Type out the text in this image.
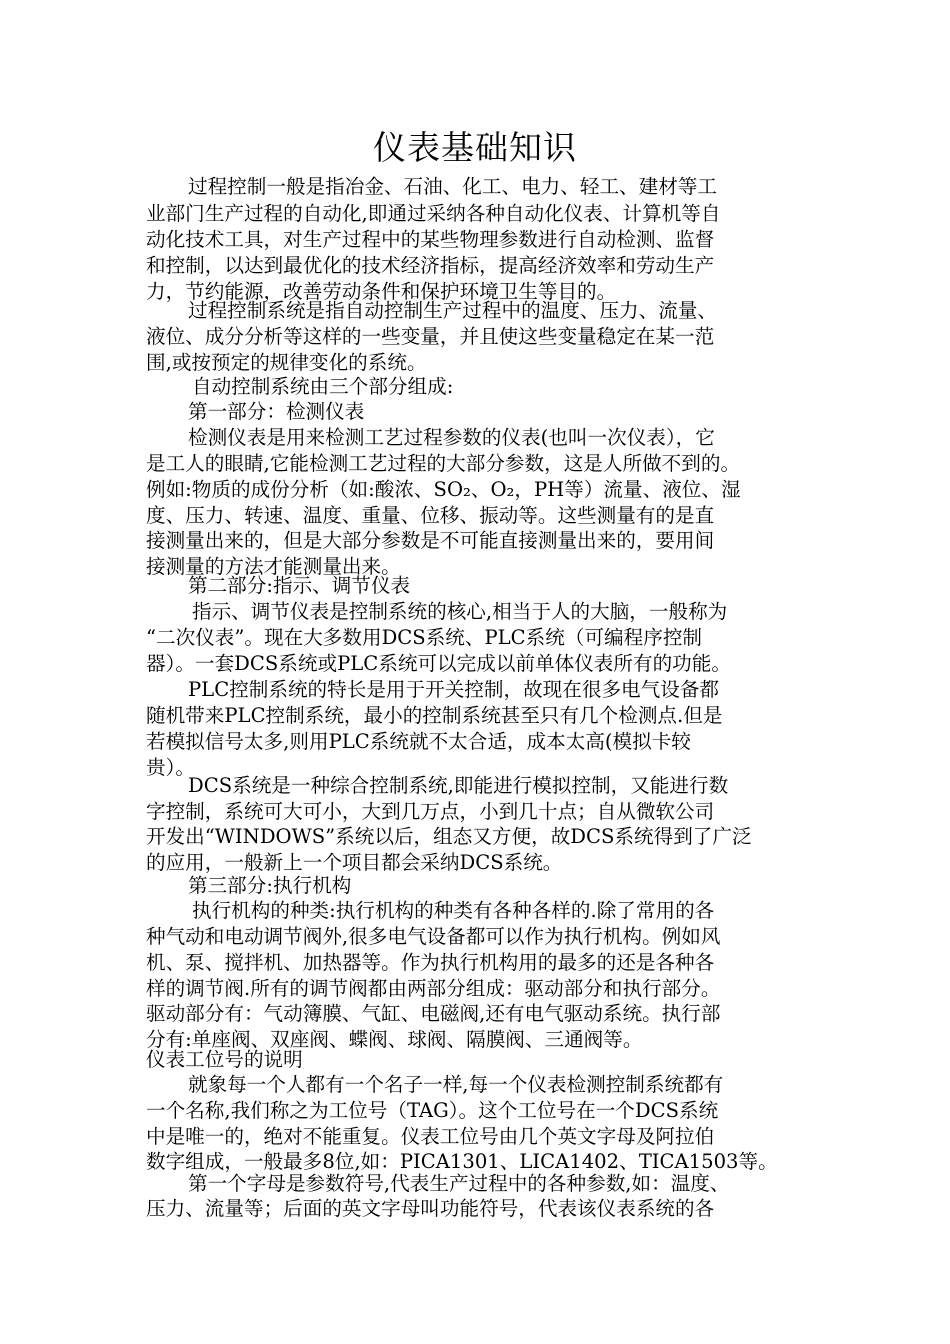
仪表基础知识
过程控制一般是指冶金、石油、化工、电力、轻工、建材等工
业部门生产过程的自动化,即通过采纳各种自动化仪表、计算机等自
动化技术工具，对生产过程中的某些物理参数进行自动检测、监督
和控制，以达到最优化的技术经济指标，提高经济效率和劳动生产
力，节约能源，改善劳动条件和保护环境卫生等目的。
过程控制系统是指自动控制生产过程中的温度、压力、流量、
液位、成分分析等这样的一些变量，并且使这些变量稳定在某一范
围,或按预定的规律变化的系统。
自动控制系统由三个部分组成:
第一部分：检测仪表
检测仪表是用来检测工艺过程参数的仪表(也叫一次仪表），它
是工人的眼睛,它能检测工艺过程的大部分参数，这是人所做不到的。
例如:物质的成份分析（如:酸浓、SO₂、O₂，PH等）流量、液位、湿
度、压力、转速、温度、重量、位移、振动等。这些测量有的是直
接测量出来的，但是大部分参数是不可能直接测量出来的，要用间
接测量的方法才能测量出来。
第二部分:指示、调节仪表
指示、调节仪表是控制系统的核心,相当于人的大脑，一般称为
“二次仪表”。现在大多数用DCS系统、PLC系统（可编程序控制
器）。一套DCS系统或PLC系统可以完成以前单体仪表所有的功能。
PLC控制系统的特长是用于开关控制，故现在很多电气设备都
随机带来PLC控制系统，最小的控制系统甚至只有几个检测点.但是
若模拟信号太多,则用PLC系统就不太合适，成本太高(模拟卡较
贵）。
DCS系统是一种综合控制系统,即能进行模拟控制，又能进行数
字控制，系统可大可小，大到几万点，小到几十点；自从微软公司
开发出“WINDOWS”系统以后，组态又方便，故DCS系统得到了广泛
的应用，一般新上一个项目都会采纳DCS系统。
第三部分:执行机构
执行机构的种类:执行机构的种类有各种各样的.除了常用的各
种气动和电动调节阀外,很多电气设备都可以作为执行机构。例如风
机、泵、搅拌机、加热器等。作为执行机构用的最多的还是各种各
样的调节阀.所有的调节阀都由两部分组成：驱动部分和执行部分。
驱动部分有：气动簿膜、气缸、电磁阀,还有电气驱动系统。执行部
分有:单座阀、双座阀、蝶阀、球阀、隔膜阀、三通阀等。
仪表工位号的说明
就象每一个人都有一个名子一样,每一个仪表检测控制系统都有
一个名称,我们称之为工位号（TAG）。这个工位号在一个DCS系统
中是唯一的，绝对不能重复。仪表工位号由几个英文字母及阿拉伯
数字组成，一般最多8位,如：PICA1301、LICA1402、TICA1503等。
第一个字母是参数符号,代表生产过程中的各种参数,如：温度、
压力、流量等；后面的英文字母叫功能符号，代表该仪表系统的各
